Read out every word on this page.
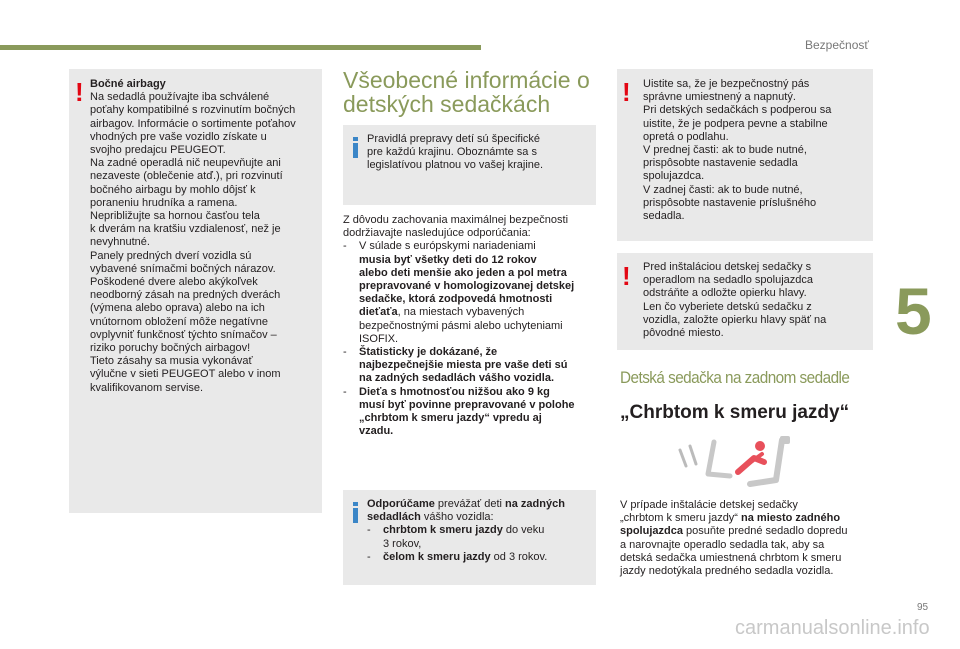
Bezpečnosť
5
! Bočné airbagy
Na sedadlá používajte iba schválené
poťahy kompatibilné s rozvinutím bočných
airbagov. Informácie o sortimente poťahov
vhodných pre vaše vozidlo získate u
svojho predajcu PEUGEOT.
Na zadné operadlá nič neupevňujte ani
nezaveste (oblečenie atď.), pri rozvinutí
bočného airbagu by mohlo dôjsť k
poraneniu hrudníka a ramena.
Nepribližujte sa hornou časťou tela
k dverám na kratšiu vzdialenosť, než je
nevyhnutné.
Panely predných dverí vozidla sú
vybavené snímačmi bočných nárazov.
Poškodené dvere alebo akýkoľvek
neodborný zásah na predných dverách
(výmena alebo oprava) alebo na ich
vnútornom obložení môže negatívne
ovplyvniť funkčnosť týchto snímačov –
riziko poruchy bočných airbagov!
Tieto zásahy sa musia vykonávať
výlučne v sieti PEUGEOT alebo v inom
kvalifikovanom servise.
Všeobecné informácie o
detských sedačkách
Pravidlá prepravy detí sú špecifické
pre každú krajinu. Oboznámte sa s
legislatívou platnou vo vašej krajine.
Z dôvodu zachovania maximálnej bezpečnosti
dodržiavajte nasledujúce odporúčania:
- V súlade s európskymi nariadeniami
musia byť všetky deti do 12 rokov
alebo deti menšie ako jeden a pol metra
prepravované v homologizovanej detskej
sedačke, ktorá zodpovedá hmotnosti
dieťaťa, na miestach vybavených
bezpečnostnými pásmi alebo uchyteniami
ISOFIX.
- Štatisticky je dokázané, že
najbezpečnejšie miesta pre vaše deti sú
na zadných sedadlách vášho vozidla.
- Dieťa s hmotnosťou nižšou ako 9 kg
musí byť povinne prepravované v polohe
„chrbtom k smeru jazdy“ vpredu aj
vzadu.
Odporúčame prevážať deti na zadných
sedadlách vášho vozidla:
- chrbtom k smeru jazdy do veku
3 rokov,
- čelom k smeru jazdy od 3 rokov.
! Uistite sa, že je bezpečnostný pás
správne umiestnený a napnutý.
Pri detských sedačkách s podperou sa
uistite, že je podpera pevne a stabilne
opretá o podlahu.
V prednej časti: ak to bude nutné,
prispôsobte nastavenie sedadla
spolujazdca.
V zadnej časti: ak to bude nutné,
prispôsobte nastavenie príslušného
sedadla.
! Pred inštaláciou detskej sedačky s
operadlom na sedadlo spolujazdca
odstráňte a odložte opierku hlavy.
Len čo vyberiete detskú sedačku z
vozidla, založte opierku hlavy späť na
pôvodné miesto.
Detská sedačka na zadnom sedadle
„Chrbtom k smeru jazdy“
V prípade inštalácie detskej sedačky
„chrbtom k smeru jazdy“ na miesto zadného
spolujazdca posuňte predné sedadlo dopredu
a narovnajte operadlo sedadla tak, aby sa
detská sedačka umiestnená chrbtom k smeru
jazdy nedotýkala predného sedadla vozidla.
95
carmanualsonline.info
